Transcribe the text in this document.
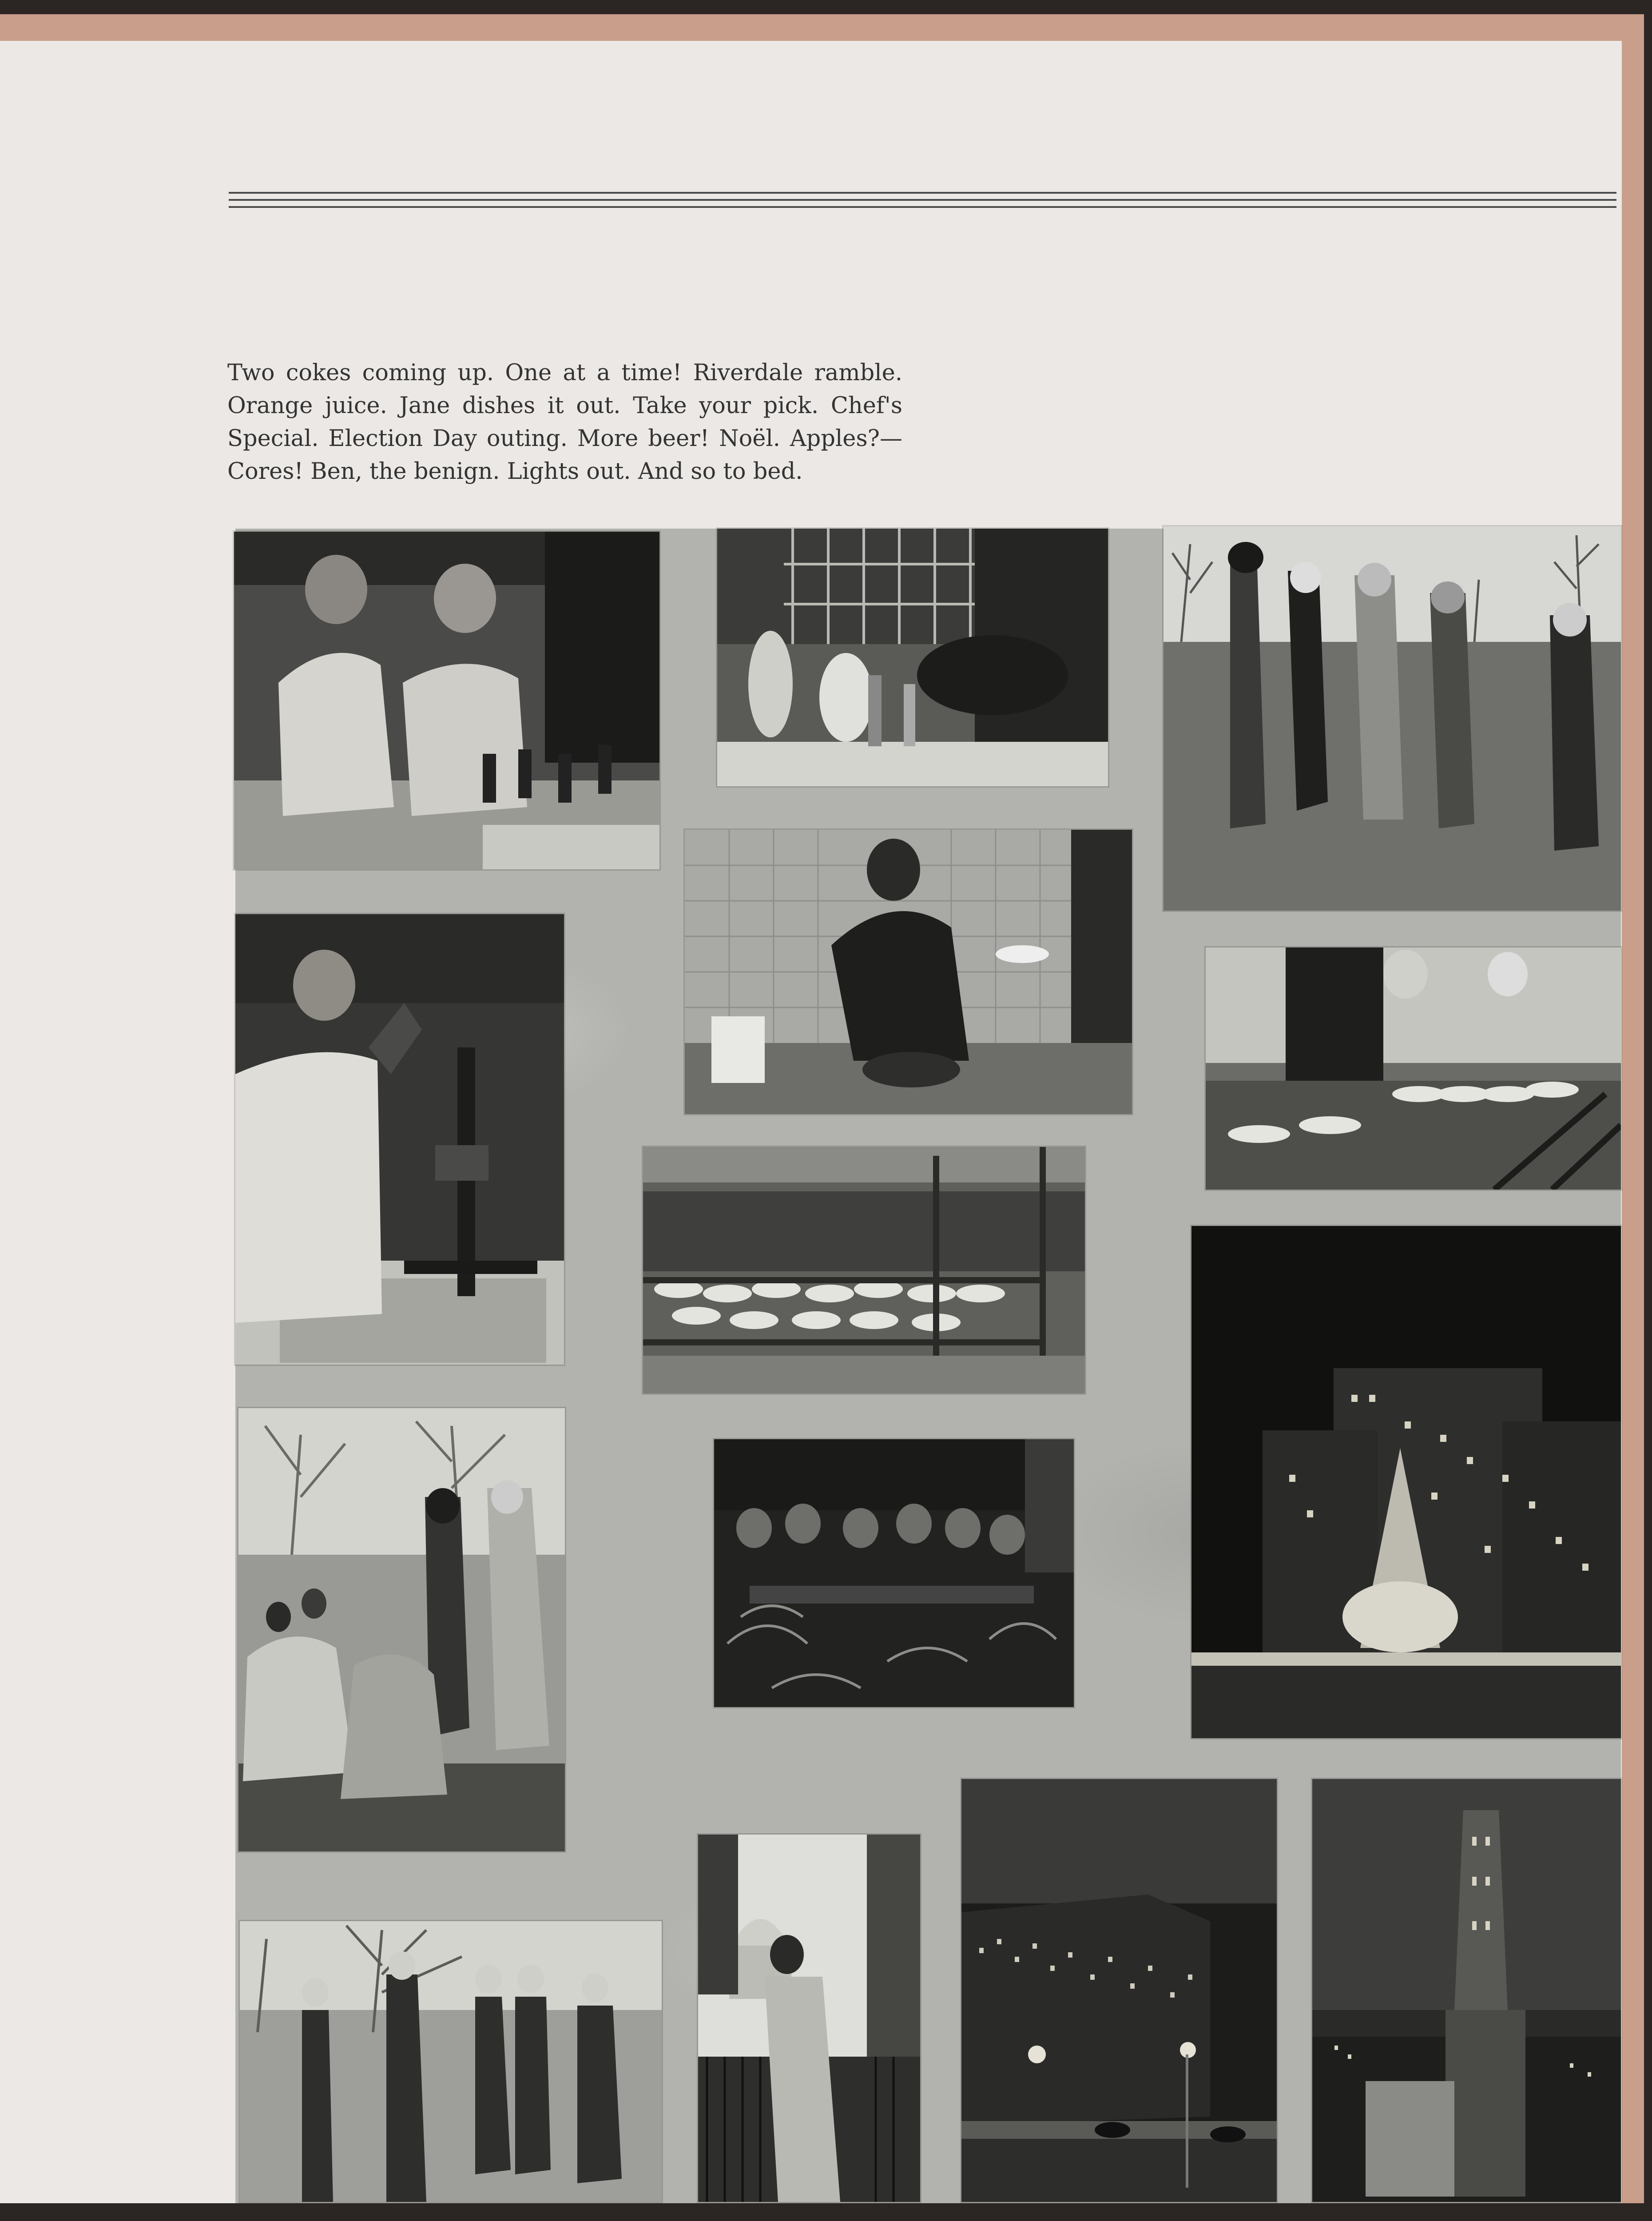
Two cokes coming up. One at a time! Riverdale ramble. Orange juice. Jane dishes it out. Take your pick. Chef's Special. Election Day outing. More beer! Noël. Apples?—Cores! Ben, the benign. Lights out. And so to bed.
